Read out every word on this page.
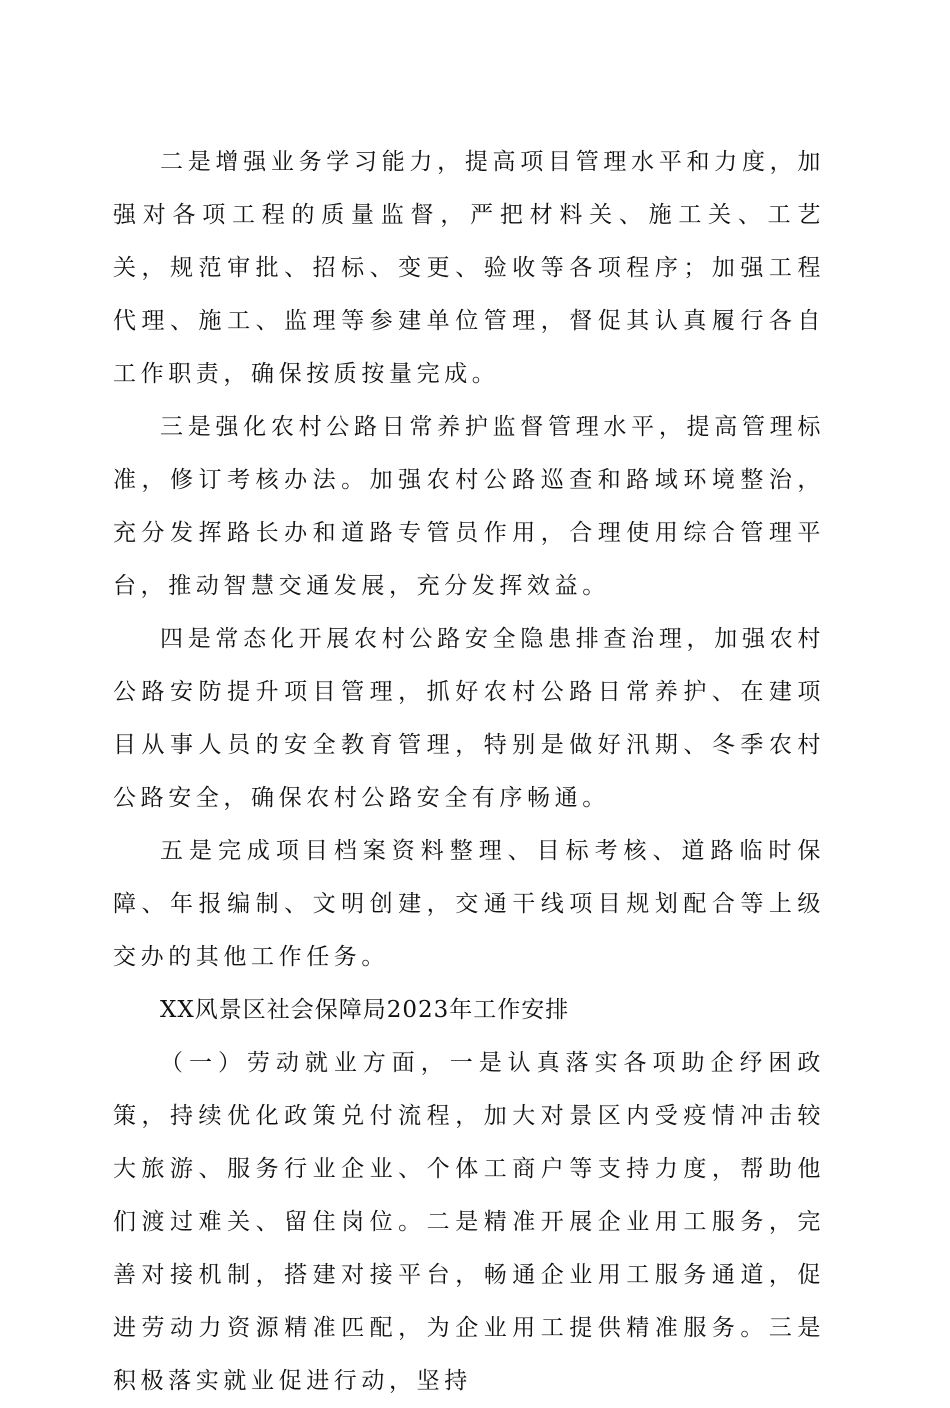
二是增强业务学习能力，提高项目管理水平和力度，加强对各项工程的质量监督，严把材料关、施工关、工艺关，规范审批、招标、变更、验收等各项程序；加强工程代理、施工、监理等参建单位管理，督促其认真履行各自工作职责，确保按质按量完成。

三是强化农村公路日常养护监督管理水平，提高管理标准，修订考核办法。加强农村公路巡查和路域环境整治，充分发挥路长办和道路专管员作用，合理使用综合管理平台，推动智慧交通发展，充分发挥效益。

四是常态化开展农村公路安全隐患排查治理，加强农村公路安防提升项目管理，抓好农村公路日常养护、在建项目从事人员的安全教育管理，特别是做好汛期、冬季农村公路安全，确保农村公路安全有序畅通。

五是完成项目档案资料整理、目标考核、道路临时保障、年报编制、文明创建，交通干线项目规划配合等上级交办的其他工作任务。

XX风景区社会保障局2023年工作安排

（一）劳动就业方面，一是认真落实各项助企纾困政策，持续优化政策兑付流程，加大对景区内受疫情冲击较大旅游、服务行业企业、个体工商户等支持力度，帮助他们渡过难关、留住岗位。二是精准开展企业用工服务，完善对接机制，搭建对接平台，畅通企业用工服务通道，促进劳动力资源精准匹配，为企业用工提供精准服务。三是积极落实就业促进行动，坚持
